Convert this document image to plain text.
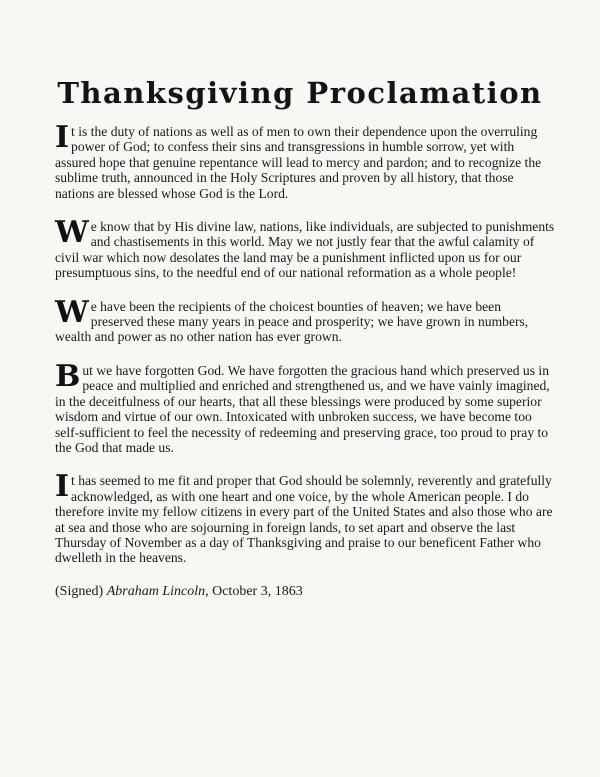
Thanksgiving Proclamation

It is the duty of nations as well as of men to own their dependence upon the overruling power of God; to confess their sins and transgressions in humble sorrow, yet with assured hope that genuine repentance will lead to mercy and pardon; and to recognize the sublime truth, announced in the Holy Scriptures and proven by all history, that those nations are blessed whose God is the Lord.

We know that by His divine law, nations, like individuals, are subjected to punishments and chastisements in this world. May we not justly fear that the awful calamity of civil war which now desolates the land may be a punishment inflicted upon us for our presumptuous sins, to the needful end of our national reformation as a whole people!

We have been the recipients of the choicest bounties of heaven; we have been preserved these many years in peace and prosperity; we have grown in numbers, wealth and power as no other nation has ever grown.

But we have forgotten God. We have forgotten the gracious hand which preserved us in peace and multiplied and enriched and strengthened us, and we have vainly imagined, in the deceitfulness of our hearts, that all these blessings were produced by some superior wisdom and virtue of our own. Intoxicated with unbroken success, we have become too self-sufficient to feel the necessity of redeeming and preserving grace, too proud to pray to the God that made us.

It has seemed to me fit and proper that God should be solemnly, reverently and gratefully acknowledged, as with one heart and one voice, by the whole American people. I do therefore invite my fellow citizens in every part of the United States and also those who are at sea and those who are sojourning in foreign lands, to set apart and observe the last Thursday of November as a day of Thanksgiving and praise to our beneficent Father who dwelleth in the heavens.

(Signed) Abraham Lincoln, October 3, 1863
